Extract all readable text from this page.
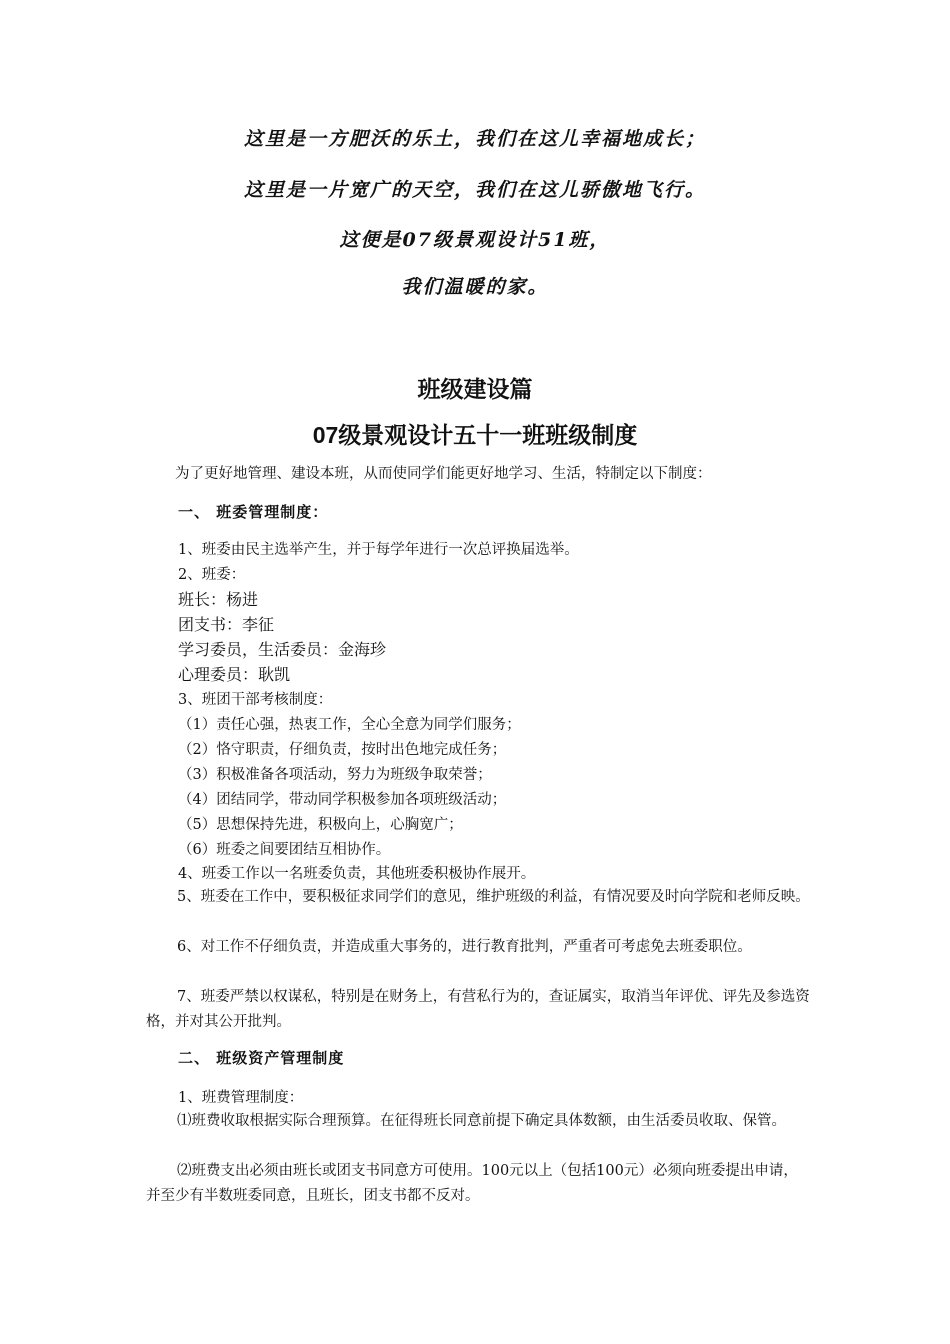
这里是一方肥沃的乐土，我们在这儿幸福地成长；
这里是一片宽广的天空，我们在这儿骄傲地飞行。
这便是07级景观设计51班，
我们温暖的家。
班级建设篇
07级景观设计五十一班班级制度
为了更好地管理、建设本班，从而使同学们能更好地学习、生活，特制定以下制度：
一、 班委管理制度：
1、班委由民主选举产生，并于每学年进行一次总评换届选举。
2、班委：
班长：杨进
团支书：李征
学习委员，生活委员：金海珍
心理委员：耿凯
3、班团干部考核制度：
（1）责任心强，热衷工作，全心全意为同学们服务；
（2）恪守职责，仔细负责，按时出色地完成任务；
（3）积极准备各项活动，努力为班级争取荣誉；
（4）团结同学，带动同学积极参加各项班级活动；
（5）思想保持先进，积极向上，心胸宽广；
（6）班委之间要团结互相协作。
4、班委工作以一名班委负责，其他班委积极协作展开。
5、班委在工作中，要积极征求同学们的意见，维护班级的利益，有情况要及时向学院和老师反映。
6、对工作不仔细负责，并造成重大事务的，进行教育批判，严重者可考虑免去班委职位。
7、班委严禁以权谋私，特别是在财务上，有营私行为的，查证属实，取消当年评优、评先及参选资格，并对其公开批判。
二、 班级资产管理制度
1、班费管理制度：
⑴班费收取根据实际合理预算。在征得班长同意前提下确定具体数额，由生活委员收取、保管。
⑵班费支出必须由班长或团支书同意方可使用。100元以上（包括100元）必须向班委提出申请，并至少有半数班委同意，且班长，团支书都不反对。
